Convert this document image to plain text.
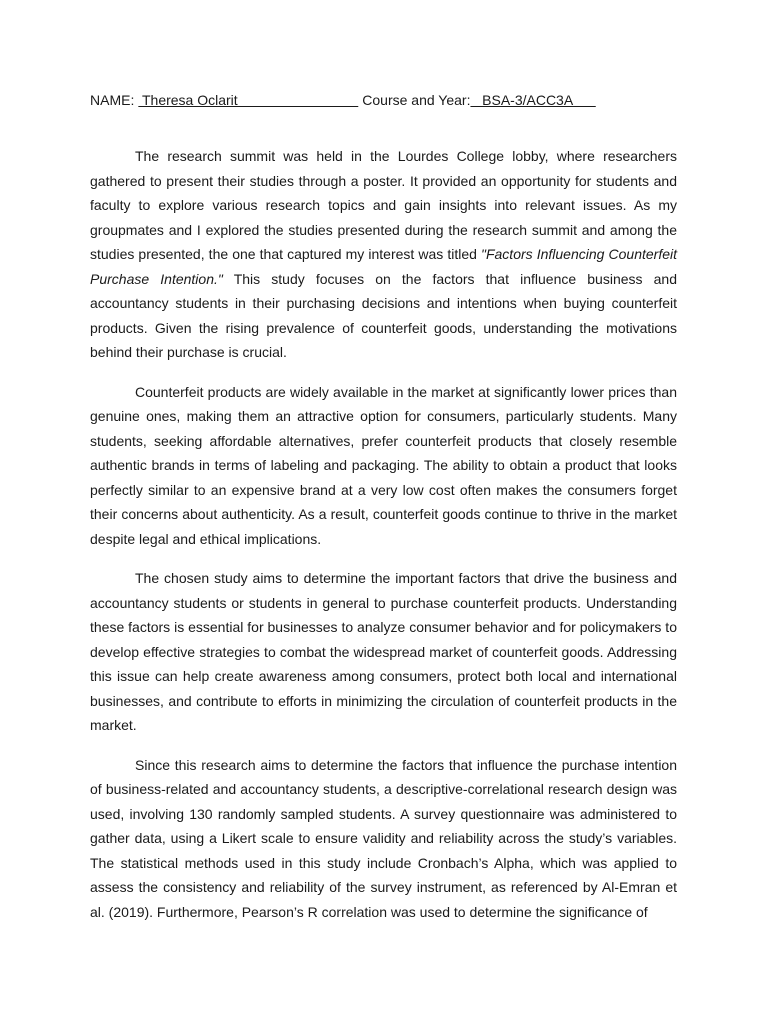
NAME: Theresa Oclarit                               Course and Year:   BSA-3/ACC3A

The research summit was held in the Lourdes College lobby, where researchers gathered to present their studies through a poster. It provided an opportunity for students and faculty to explore various research topics and gain insights into relevant issues. As my groupmates and I explored the studies presented during the research summit and among the studies presented, the one that captured my interest was titled "Factors Influencing Counterfeit Purchase Intention." This study focuses on the factors that influence business and accountancy students in their purchasing decisions and intentions when buying counterfeit products. Given the rising prevalence of counterfeit goods, understanding the motivations behind their purchase is crucial.

Counterfeit products are widely available in the market at significantly lower prices than genuine ones, making them an attractive option for consumers, particularly students. Many students, seeking affordable alternatives, prefer counterfeit products that closely resemble authentic brands in terms of labeling and packaging. The ability to obtain a product that looks perfectly similar to an expensive brand at a very low cost often makes the consumers forget their concerns about authenticity. As a result, counterfeit goods continue to thrive in the market despite legal and ethical implications.

The chosen study aims to determine the important factors that drive the business and accountancy students or students in general to purchase counterfeit products. Understanding these factors is essential for businesses to analyze consumer behavior and for policymakers to develop effective strategies to combat the widespread market of counterfeit goods. Addressing this issue can help create awareness among consumers, protect both local and international businesses, and contribute to efforts in minimizing the circulation of counterfeit products in the market.

Since this research aims to determine the factors that influence the purchase intention of business-related and accountancy students, a descriptive-correlational research design was used, involving 130 randomly sampled students. A survey questionnaire was administered to gather data, using a Likert scale to ensure validity and reliability across the study’s variables. The statistical methods used in this study include Cronbach’s Alpha, which was applied to assess the consistency and reliability of the survey instrument, as referenced by Al-Emran et al. (2019). Furthermore, Pearson’s R correlation was used to determine the significance of
